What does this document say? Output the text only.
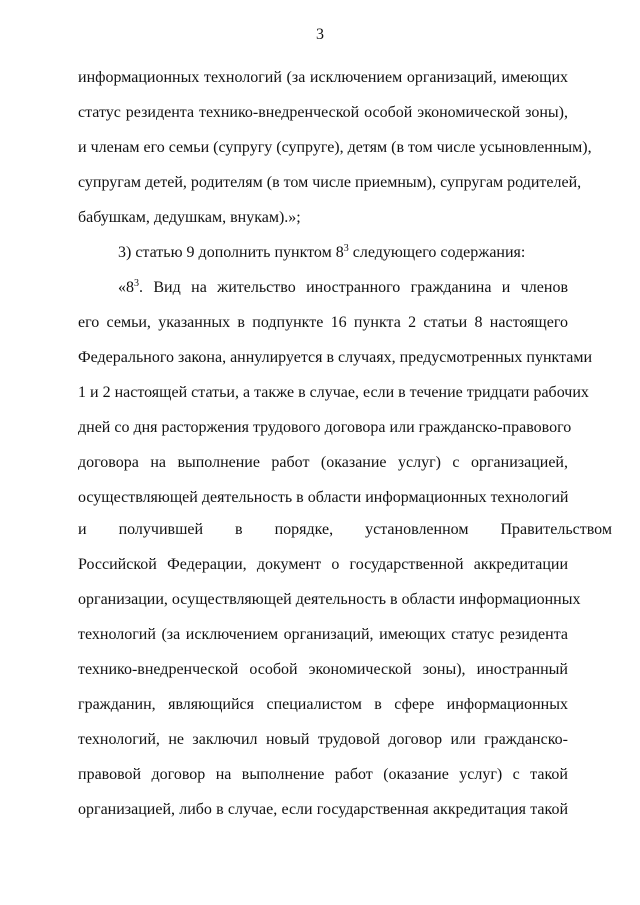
3
информационных технологий (за исключением организаций, имеющих
статус резидента технико-внедренческой особой экономической зоны),
и членам его семьи (супругу (супруге), детям (в том числе усыновленным),
супругам детей, родителям (в том числе приемным), супругам родителей,
бабушкам, дедушкам, внукам).»;
3) статью 9 дополнить пунктом $8^3$ следующего содержания:
«$8^3$. Вид на жительство иностранного гражданина и членов
его семьи, указанных в подпункте 16 пункта 2 статьи 8 настоящего
Федерального закона, аннулируется в случаях, предусмотренных пунктами
1 и 2 настоящей статьи, а также в случае, если в течение тридцати рабочих
дней со дня расторжения трудового договора или гражданско-правового
договора на выполнение работ (оказание услуг) с организацией,
осуществляющей деятельность в области информационных технологий
и получившей в порядке, установленном Правительством
Российской Федерации, документ о государственной аккредитации
организации, осуществляющей деятельность в области информационных
технологий (за исключением организаций, имеющих статус резидента
технико-внедренческой особой экономической зоны), иностранный
гражданин, являющийся специалистом в сфере информационных
технологий, не заключил новый трудовой договор или гражданско-
правовой договор на выполнение работ (оказание услуг) с такой
организацией, либо в случае, если государственная аккредитация такой
